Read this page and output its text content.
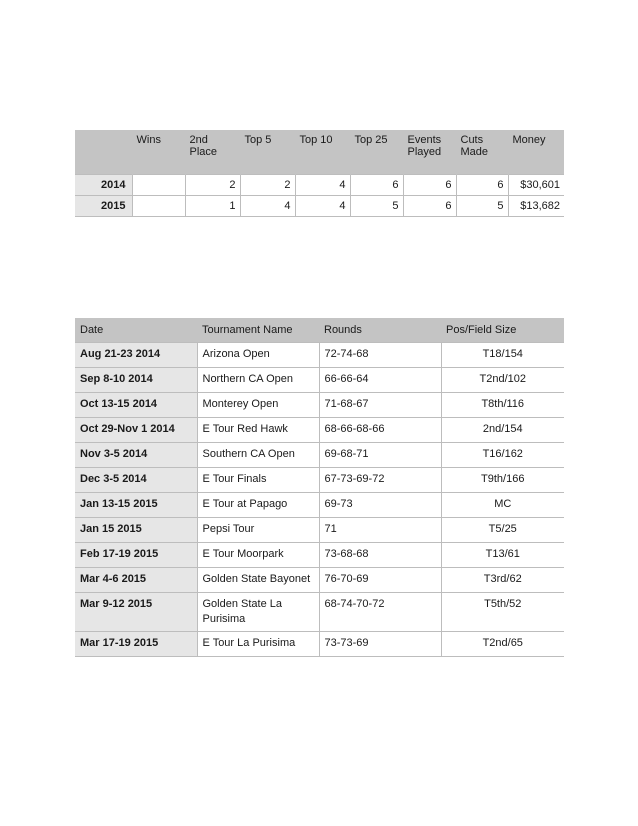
	Wins	2nd Place	Top 5	Top 10	Top 25	Events Played	Cuts Made	Money
2014		2	2	4	6	6	6	$30,601
2015		1	4	4	5	6	5	$13,682
Date	Tournament Name	Rounds	Pos/Field Size
Aug 21-23 2014	Arizona Open	72-74-68	T18/154
Sep 8-10 2014	Northern CA Open	66-66-64	T2nd/102
Oct 13-15 2014	Monterey Open	71-68-67	T8th/116
Oct 29-Nov 1 2014	E Tour Red Hawk	68-66-68-66	2nd/154
Nov 3-5 2014	Southern CA Open	69-68-71	T16/162
Dec 3-5 2014	E Tour Finals	67-73-69-72	T9th/166
Jan 13-15 2015	E Tour at Papago	69-73	MC
Jan 15 2015	Pepsi Tour	71	T5/25
Feb 17-19 2015	E Tour Moorpark	73-68-68	T13/61
Mar 4-6 2015	Golden State Bayonet	76-70-69	T3rd/62
Mar 9-12 2015	Golden State La Purisima	68-74-70-72	T5th/52
Mar 17-19 2015	E Tour La Purisima	73-73-69	T2nd/65
